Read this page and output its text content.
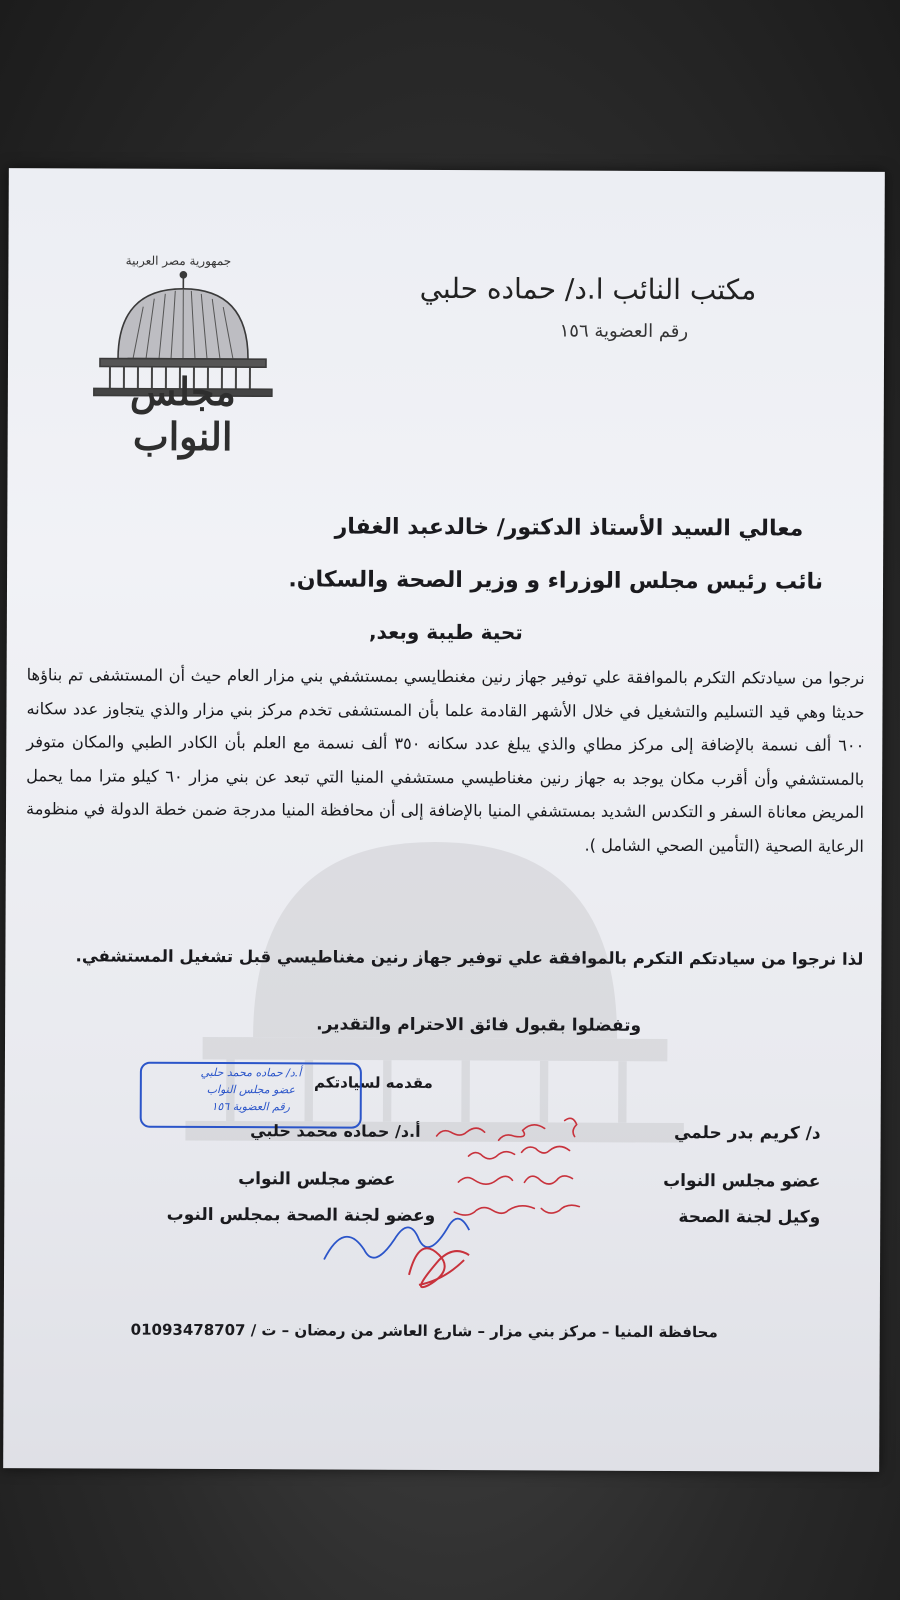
جمهورية مصر العربية
مجلس النواب
مكتب النائب ا.د/ حماده حلبي
رقم العضوية ١٥٦
معالي السيد الأستاذ الدكتور/ خالدعبد الغفار
نائب رئيس مجلس الوزراء و وزير الصحة والسكان.
تحية طيبة وبعد,
نرجوا من سيادتكم التكرم بالموافقة علي توفير جهاز رنين مغنطايسي بمستشفي بني مزار العام حيث أن المستشفى تم بناؤها حديثا وهي قيد التسليم والتشغيل في خلال الأشهر القادمة علما بأن المستشفى تخدم مركز بني مزار والذي يتجاوز عدد سكانه ٦٠٠ ألف نسمة بالإضافة إلى مركز مطاي والذي يبلغ عدد سكانه ٣٥٠ ألف نسمة مع العلم بأن الكادر الطبي والمكان متوفر بالمستشفي وأن أقرب مكان يوجد به جهاز رنين مغناطيسي مستشفي المنيا التي تبعد عن بني مزار ٦٠ كيلو مترا مما يحمل المريض معاناة السفر و التكدس الشديد بمستشفي المنيا بالإضافة إلى أن محافظة المنيا مدرجة ضمن خطة الدولة في منظومة الرعاية الصحية (التأمين الصحي الشامل ).
لذا نرجوا من سيادتكم التكرم بالموافقة علي توفير جهاز رنين مغناطيسي قبل تشغيل المستشفي.
وتفضلوا بقبول فائق الاحترام والتقدير.
مقدمه لسيادتكم
أ.د/ حماده محمد حلبي
عضو مجلس النواب
رقم العضوية ١٥٦
أ.د/ حماده محمد حلبي
عضو مجلس النواب
وعضو لجنة الصحة بمجلس النوب
د/ كريم بدر حلمي
عضو مجلس النواب
وكيل لجنة الصحة
محافظة المنيا – مركز بني مزار – شارع العاشر من رمضان – ت / 01093478707
